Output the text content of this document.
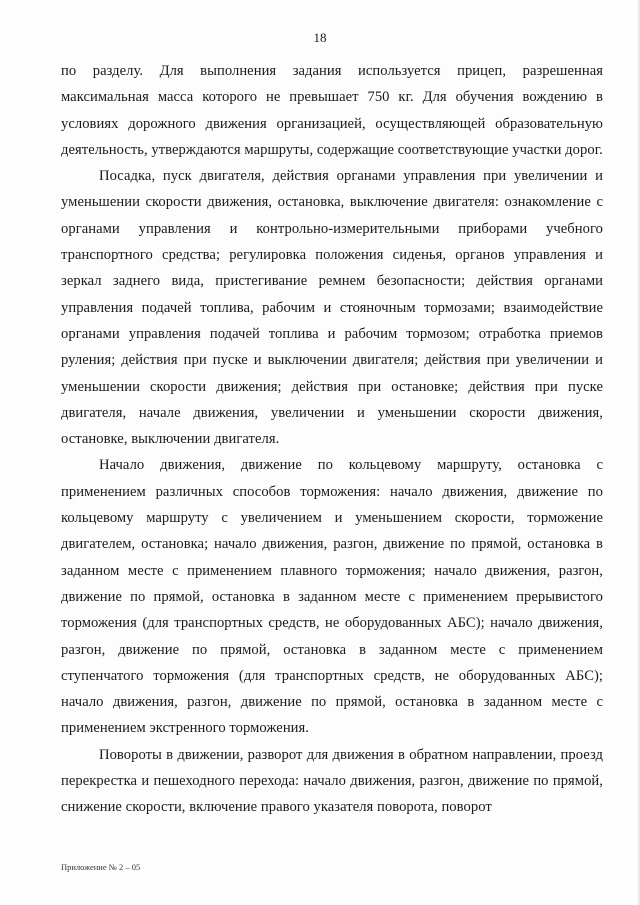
18

по разделу. Для выполнения задания используется прицеп, разрешенная максимальная масса которого не превышает 750 кг. Для обучения вождению в условиях дорожного движения организацией, осуществляющей образовательную деятельность, утверждаются маршруты, содержащие соответствующие участки дорог.

Посадка, пуск двигателя, действия органами управления при увеличении и уменьшении скорости движения, остановка, выключение двигателя: ознакомление с органами управления и контрольно-измерительными приборами учебного транспортного средства; регулировка положения сиденья, органов управления и зеркал заднего вида, пристегивание ремнем безопасности; действия органами управления подачей топлива, рабочим и стояночным тормозами; взаимодействие органами управления подачей топлива и рабочим тормозом; отработка приемов руления; действия при пуске и выключении двигателя; действия при увеличении и уменьшении скорости движения; действия при остановке; действия при пуске двигателя, начале движения, увеличении и уменьшении скорости движения, остановке, выключении двигателя.

Начало движения, движение по кольцевому маршруту, остановка с применением различных способов торможения: начало движения, движение по кольцевому маршруту с увеличением и уменьшением скорости, торможение двигателем, остановка; начало движения, разгон, движение по прямой, остановка в заданном месте с применением плавного торможения; начало движения, разгон, движение по прямой, остановка в заданном месте с применением прерывистого торможения (для транспортных средств, не оборудованных АБС); начало движения, разгон, движение по прямой, остановка в заданном месте с применением ступенчатого торможения (для транспортных средств, не оборудованных АБС); начало движения, разгон, движение по прямой, остановка в заданном месте с применением экстренного торможения.

Повороты в движении, разворот для движения в обратном направлении, проезд перекрестка и пешеходного перехода: начало движения, разгон, движение по прямой, снижение скорости, включение правого указателя поворота, поворот

Приложение № 2 – 05
